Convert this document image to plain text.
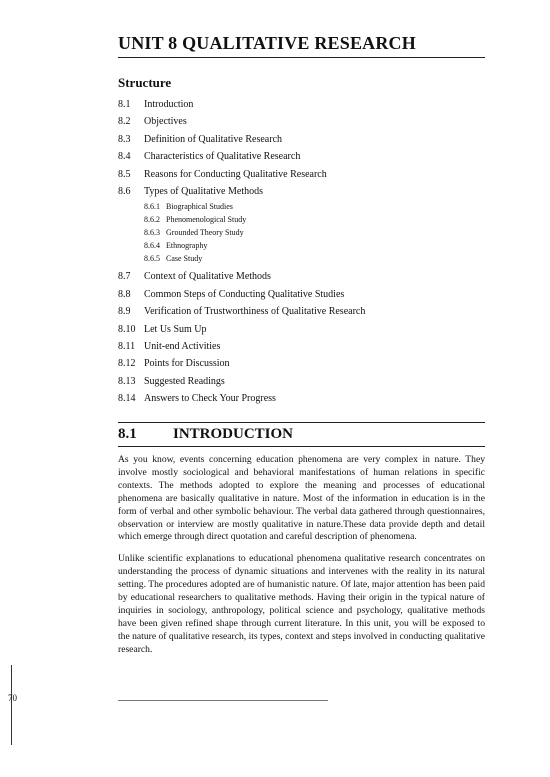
UNIT 8 QUALITATIVE RESEARCH
Structure
8.1	Introduction
8.2	Objectives
8.3	Definition of Qualitative Research
8.4	Characteristics of Qualitative Research
8.5	Reasons for Conducting Qualitative Research
8.6	Types of Qualitative Methods
8.6.1 Biographical Studies
8.6.2 Phenomenological Study
8.6.3 Grounded Theory Study
8.6.4 Ethnography
8.6.5 Case Study
8.7	Context of Qualitative Methods
8.8	Common Steps of Conducting Qualitative Studies
8.9	Verification of Trustworthiness of Qualitative Research
8.10 Let Us Sum Up
8.11 Unit-end Activities
8.12 Points for Discussion
8.13 Suggested Readings
8.14 Answers to Check Your Progress
8.1 INTRODUCTION

As you know, events concerning education phenomena are very complex in nature. They involve mostly sociological and behavioral manifestations of human relations in specific contexts. The methods adopted to explore the meaning and processes of educational phenomena are basically qualitative in nature. Most of the information in education is in the form of verbal and other symbolic behaviour. The verbal data gathered through questionnaires, observation or interview are mostly qualitative in nature.These data provide depth and detail which emerge through direct quotation and careful description of phenomena.

Unlike scientific explanations to educational phenomena qualitative research concentrates on understanding the process of dynamic situations and intervenes with the reality in its natural setting. The procedures adopted are of humanistic nature. Of late, major attention has been paid by educational researchers to qualitative methods. Having their origin in the typical nature of inquiries in sociology, anthropology, political science and psychology, qualitative methods have been given refined shape through current literature. In this unit, you will be exposed to the nature of qualitative research, its types, context and steps involved in conducting qualitative research.

70
